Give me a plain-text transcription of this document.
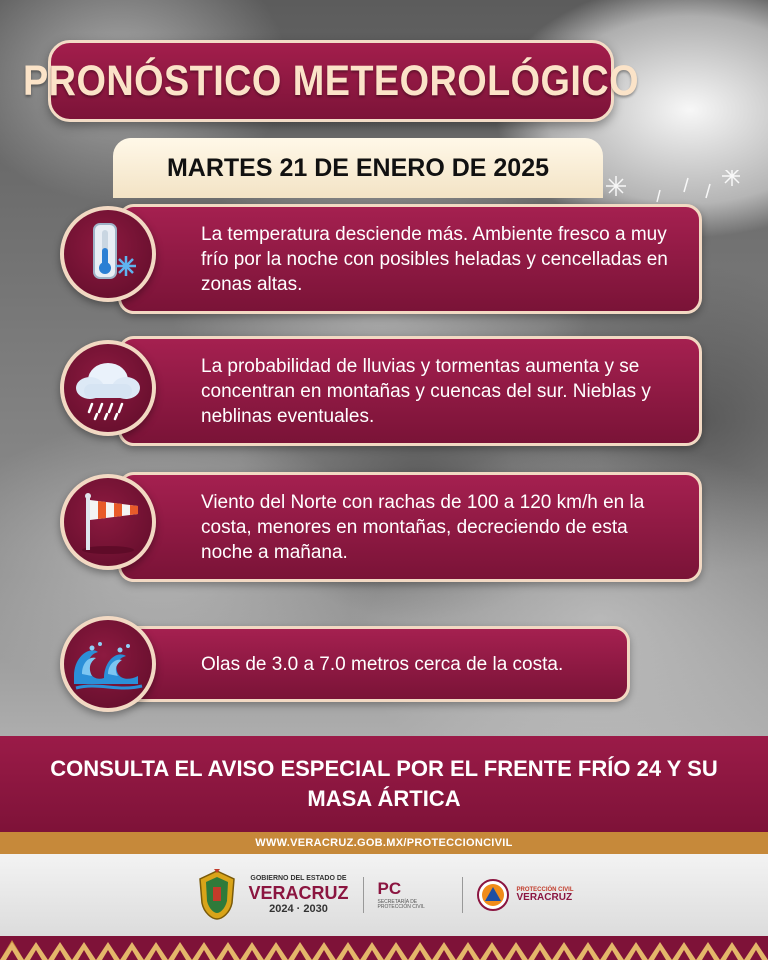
PRONÓSTICO METEOROLÓGICO
MARTES 21 DE ENERO DE 2025

La temperatura desciende más. Ambiente fresco a muy frío por la noche con posibles heladas y cencelladas en zonas altas.

La probabilidad de lluvias y tormentas aumenta y se concentran en montañas y cuencas del sur. Nieblas y neblinas eventuales.

Viento del Norte con rachas de 100 a 120 km/h en la costa, menores en montañas, decreciendo de esta noche a mañana.

Olas de 3.0 a 7.0 metros cerca de la costa.

CONSULTA EL AVISO ESPECIAL POR EL FRENTE FRÍO 24 Y SU MASA ÁRTICA
WWW.VERACRUZ.GOB.MX/PROTECCIONCIVIL
GOBIERNO DEL ESTADO DE
VERACRUZ
2024 · 2030
PC
SECRETARÍA DE PROTECCIÓN CIVIL
PROTECCIÓN CIVIL
VERACRUZ
